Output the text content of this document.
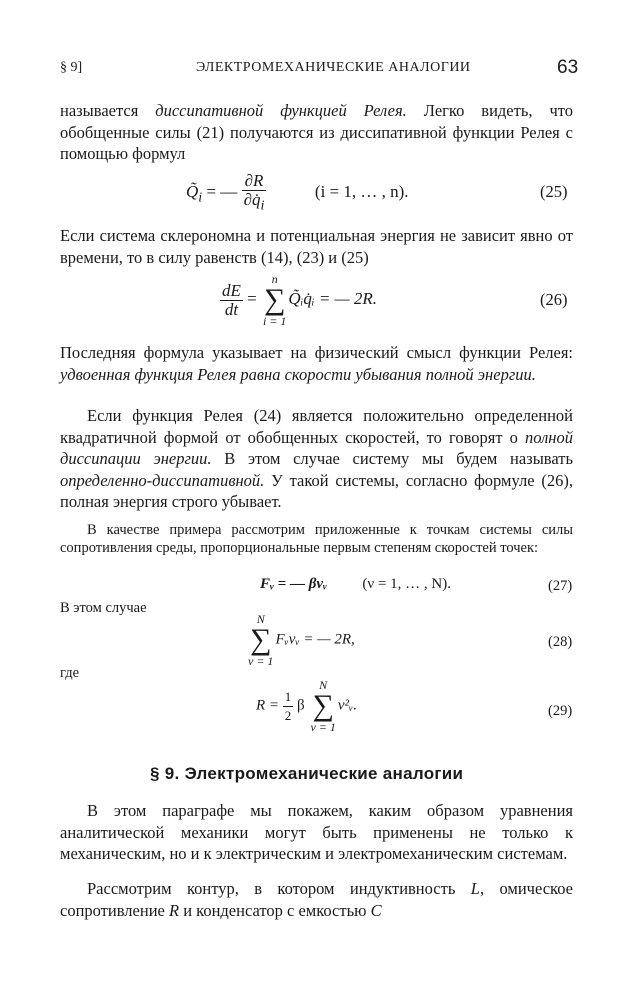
§ 9]	ЭЛЕКТРОМЕХАНИЧЕСКИЕ АНАЛОГИИ	63
называется диссипативной функцией Релея. Легко видеть, что обобщенные силы (21) получаются из диссипативной функции Релея с помощью формул
$Q̃_i$ = — $\frac{\partial R}{\partial q̇_i}$	(i = 1, … , n).	(25)
Если система склерономна и потенциальная энергия не зависит явно от времени, то в силу равенств (14), (23) и (25)
$\frac{dE}{dt}$ =
n
∑
i = 1
Q̃ᵢq̇ᵢ = — 2R.	(26)
Последняя формула указывает на физический смысл функции Релея: удвоенная функция Релея равна скорости убывания полной энергии.
Если функция Релея (24) является положительно определенной квадратичной формой от обобщенных скоростей, то говорят о полной диссипации энергии. В этом случае систему мы будем называть определенно-диссипативной. У такой системы, согласно формуле (26), полная энергия строго убывает.
В качестве примера рассмотрим приложенные к точкам системы силы сопротивления среды, пропорциональные первым степеням скоростей точек:
Fᵥ = — βvᵥ (ν = 1, … , N).	(27)
В этом случае
N
∑
ν = 1
Fᵥvᵥ = — 2R,	(28)
где
$R = \frac{1}{2}$ β
N
∑
ν = 1
v²ᵥ.	(29)
§ 9. Электромеханические аналогии
В этом параграфе мы покажем, каким образом уравнения аналитической механики могут быть применены не только к механическим, но и к электрическим и электромеханическим системам.
Рассмотрим контур, в котором индуктивность L, омическое сопротивление R и конденсатор с емкостью C
